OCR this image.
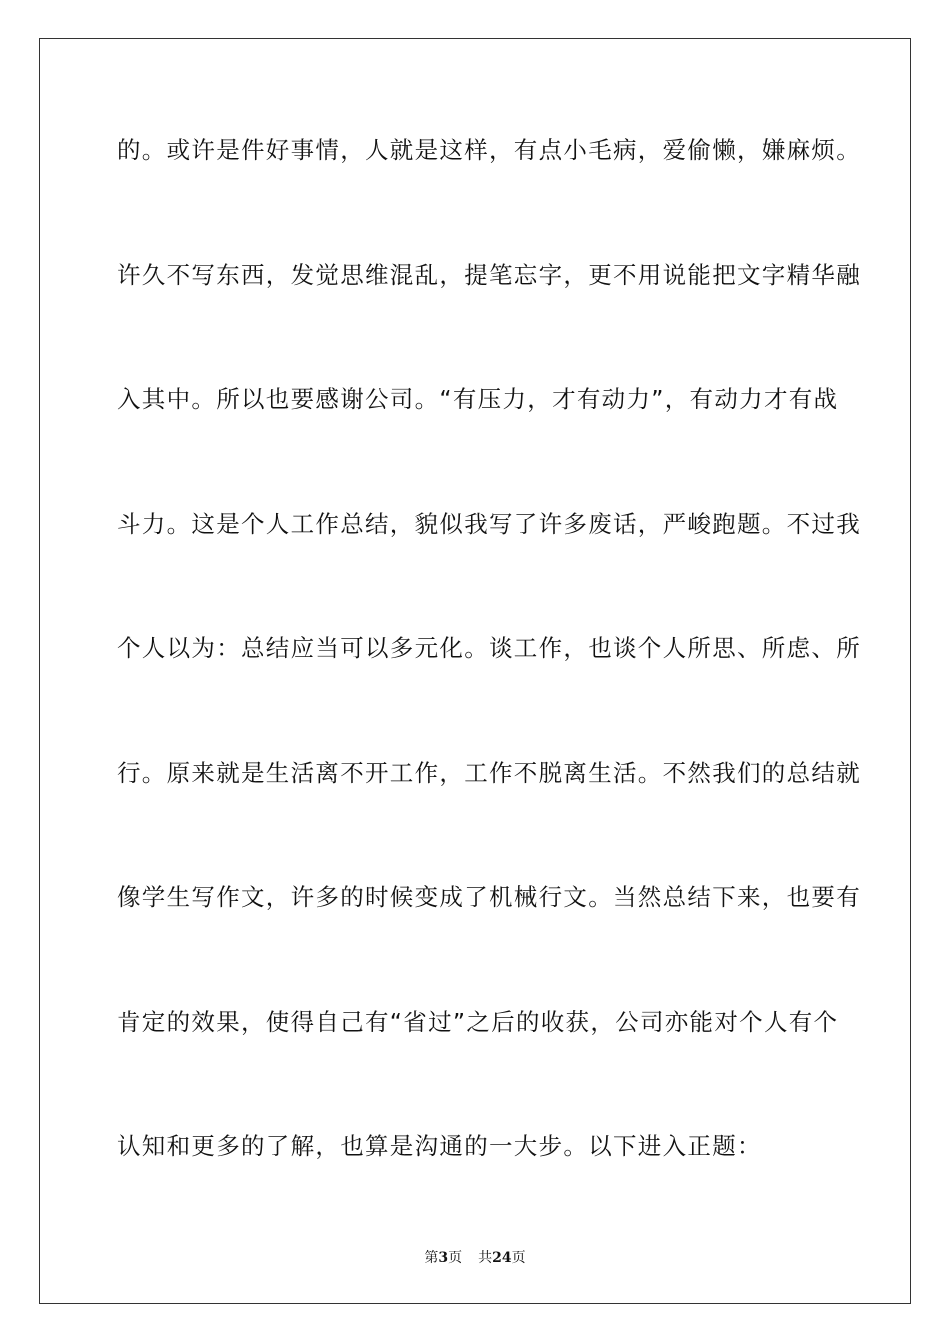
的。或许是件好事情，人就是这样，有点小毛病，爱偷懒，嫌麻烦。
许久不写东西，发觉思维混乱，提笔忘字，更不用说能把文字精华融
入其中。所以也要感谢公司。“有压力，才有动力”，有动力才有战
斗力。这是个人工作总结，貌似我写了许多废话，严峻跑题。不过我
个人以为：总结应当可以多元化。谈工作，也谈个人所思、所虑、所
行。原来就是生活离不开工作，工作不脱离生活。不然我们的总结就
像学生写作文，许多的时候变成了机械行文。当然总结下来，也要有
肯定的效果，使得自己有“省过”之后的收获，公司亦能对个人有个
认知和更多的了解，也算是沟通的一大步。以下进入正题：
第3页 共24页
